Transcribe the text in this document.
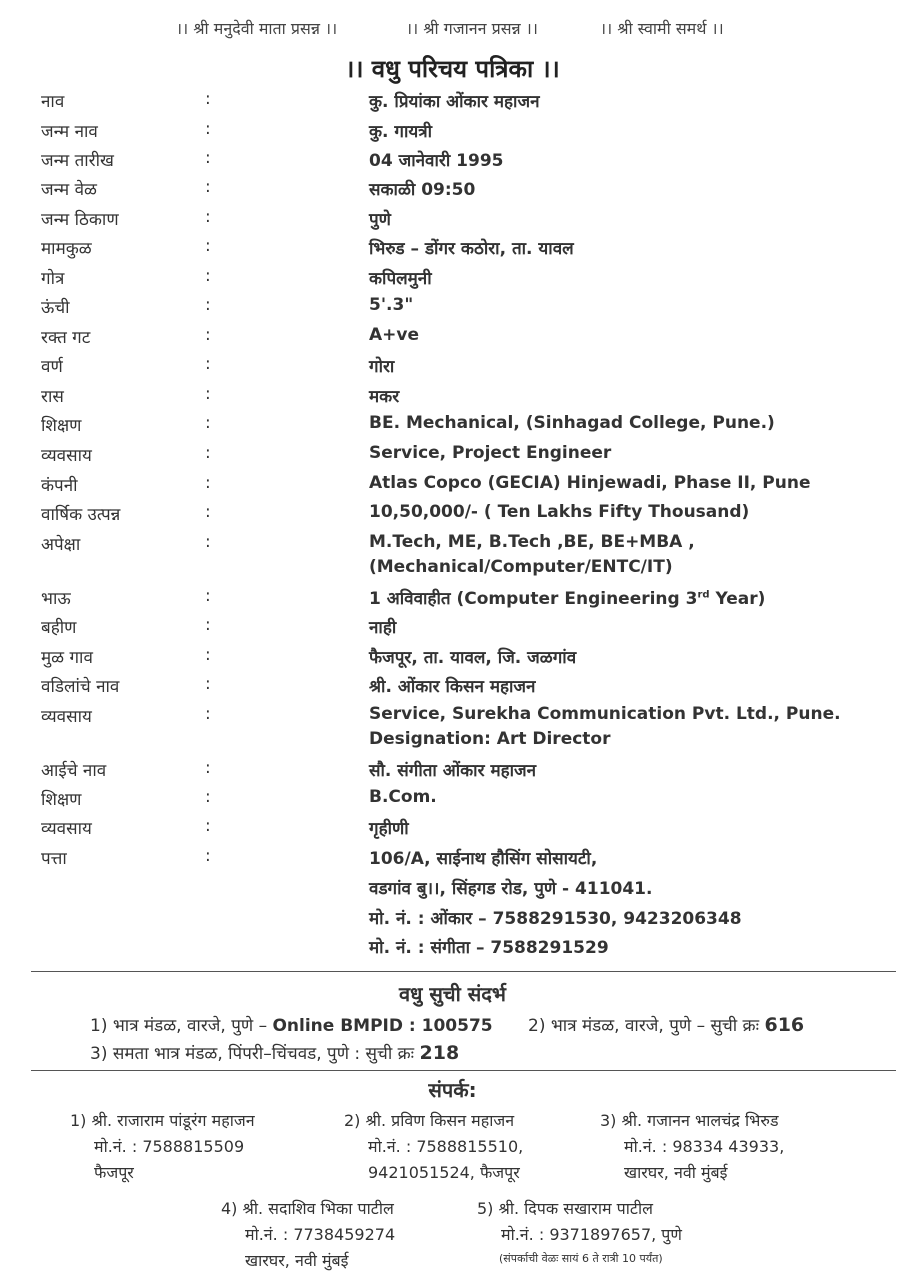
।। श्री मनुदेवी माता प्रसन्न ।।	।। श्री गजानन प्रसन्न ।।	।। श्री स्वामी समर्थ ।।
।। वधु परिचय पत्रिका ।।
नाव	:	कु. प्रियांका ओंकार महाजन
जन्म नाव	:	कु. गायत्री
जन्म तारीख	:	04 जानेवारी 1995
जन्म वेळ	:	सकाळी 09:50
जन्म ठिकाण	:	पुणे
मामकुळ	:	भिरुड – डोंगर कठोरा, ता. यावल
गोत्र	:	कपिलमुनी
ऊंची	:	5'.3"
रक्त गट	:	A+ve
वर्ण	:	गोरा
रास	:	मकर
शिक्षण	:	BE. Mechanical, (Sinhagad College, Pune.)
व्यवसाय	:	Service, Project Engineer
कंपनी	:	Atlas Copco (GECIA) Hinjewadi, Phase II, Pune
वार्षिक उत्पन्न	:	10,50,000/- ( Ten Lakhs Fifty Thousand)
अपेक्षा	:	M.Tech, ME, B.Tech ,BE, BE+MBA ,
(Mechanical/Computer/ENTC/IT)
भाऊ	:	1 अविवाहीत (Computer Engineering 3rd Year)
बहीण	:	नाही
मुळ गाव	:	फैजपूर, ता. यावल, जि. जळगांव
वडिलांचे नाव	:	श्री. ओंकार किसन महाजन
व्यवसाय	:	Service, Surekha Communication Pvt. Ltd., Pune.
Designation: Art Director
आईचे नाव	:	सौ. संगीता ओंकार महाजन
शिक्षण	:	B.Com.
व्यवसाय	:	गृहीणी
पत्ता	:	106/A, साईनाथ हौसिंग सोसायटी,
वडगांव बु।।, सिंहगड रोड, पुणे - 411041.
मो. नं. : ओंकार – 7588291530, 9423206348
मो. नं. : संगीता – 7588291529
वधु सुची संदर्भ
1) भात्र मंडळ, वारजे, पुणे – Online BMPID : 100575 2) भात्र मंडळ, वारजे, पुणे – सुची क्रः 616
3) समता भात्र मंडळ, पिंपरी–चिंचवड, पुणे : सुची क्रः 218
संपर्क:
1) श्री. राजाराम पांडूरंग महाजन
मो.नं. : 7588815509
फैजपूर
2) श्री. प्रविण किसन महाजन
मो.नं. : 7588815510,
9421051524, फैजपूर
3) श्री. गजानन भालचंद्र भिरुड
मो.नं. : 98334 43933,
खारघर, नवी मुंबई
4) श्री. सदाशिव भिका पाटील
मो.नं. : 7738459274
खारघर, नवी मुंबई
5) श्री. दिपक सखाराम पाटील
मो.नं. : 9371897657, पुणे
(संपर्काची वेळः सायं 6 ते रात्री 10 पर्यंत)
